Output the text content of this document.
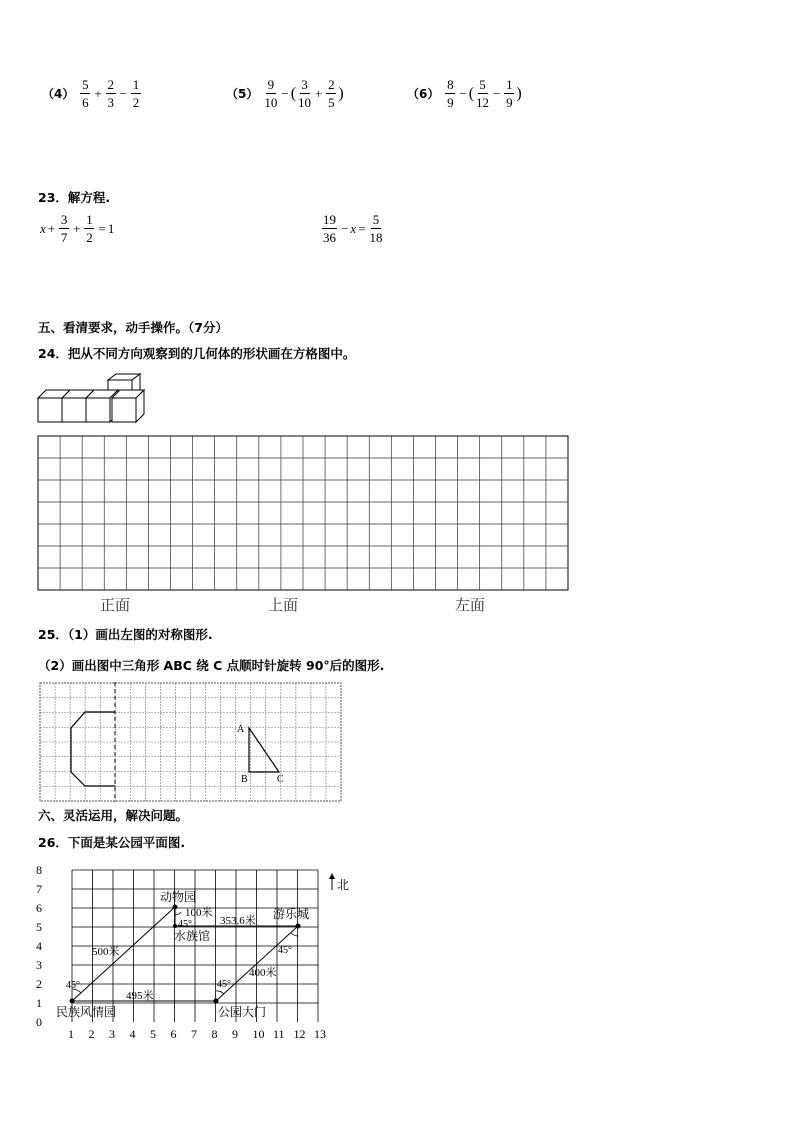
$(4) \frac{5}{6} + \frac{2}{3} - \frac{1}{2}$	$(5) \frac{9}{10}$ − ( $\frac{3}{10} + \frac{2}{5}$ )	$(6) \frac{8}{9}$ − ( $\frac{5}{12} - \frac{1}{9}$ )
23．解方程.
$x + \frac{3}{7} + \frac{1}{2} = 1$	$\frac{19}{36} - x = \frac{5}{18}$
五、看清要求，动手操作。（7分）
24．把从不同方向观察到的几何体的形状画在方格图中。
正面	上面	左面
25．（1）画出左图的对称图形.
（2）画出图中三角形 ABC 绕 C 点顺时针旋转 90°后的图形.
A
B	C
六、灵活运用，解决问题。
26．下面是某公园平面图.
1 2 3 4 5 6 7 8 9 10 11 12 13
0
1
2
3
4
5
6
7
8
北
动物园
水族馆
游乐城
民族风情园	公园大门
100米
353.6米
500米
495米
400米
45°
45°
45°
45°
